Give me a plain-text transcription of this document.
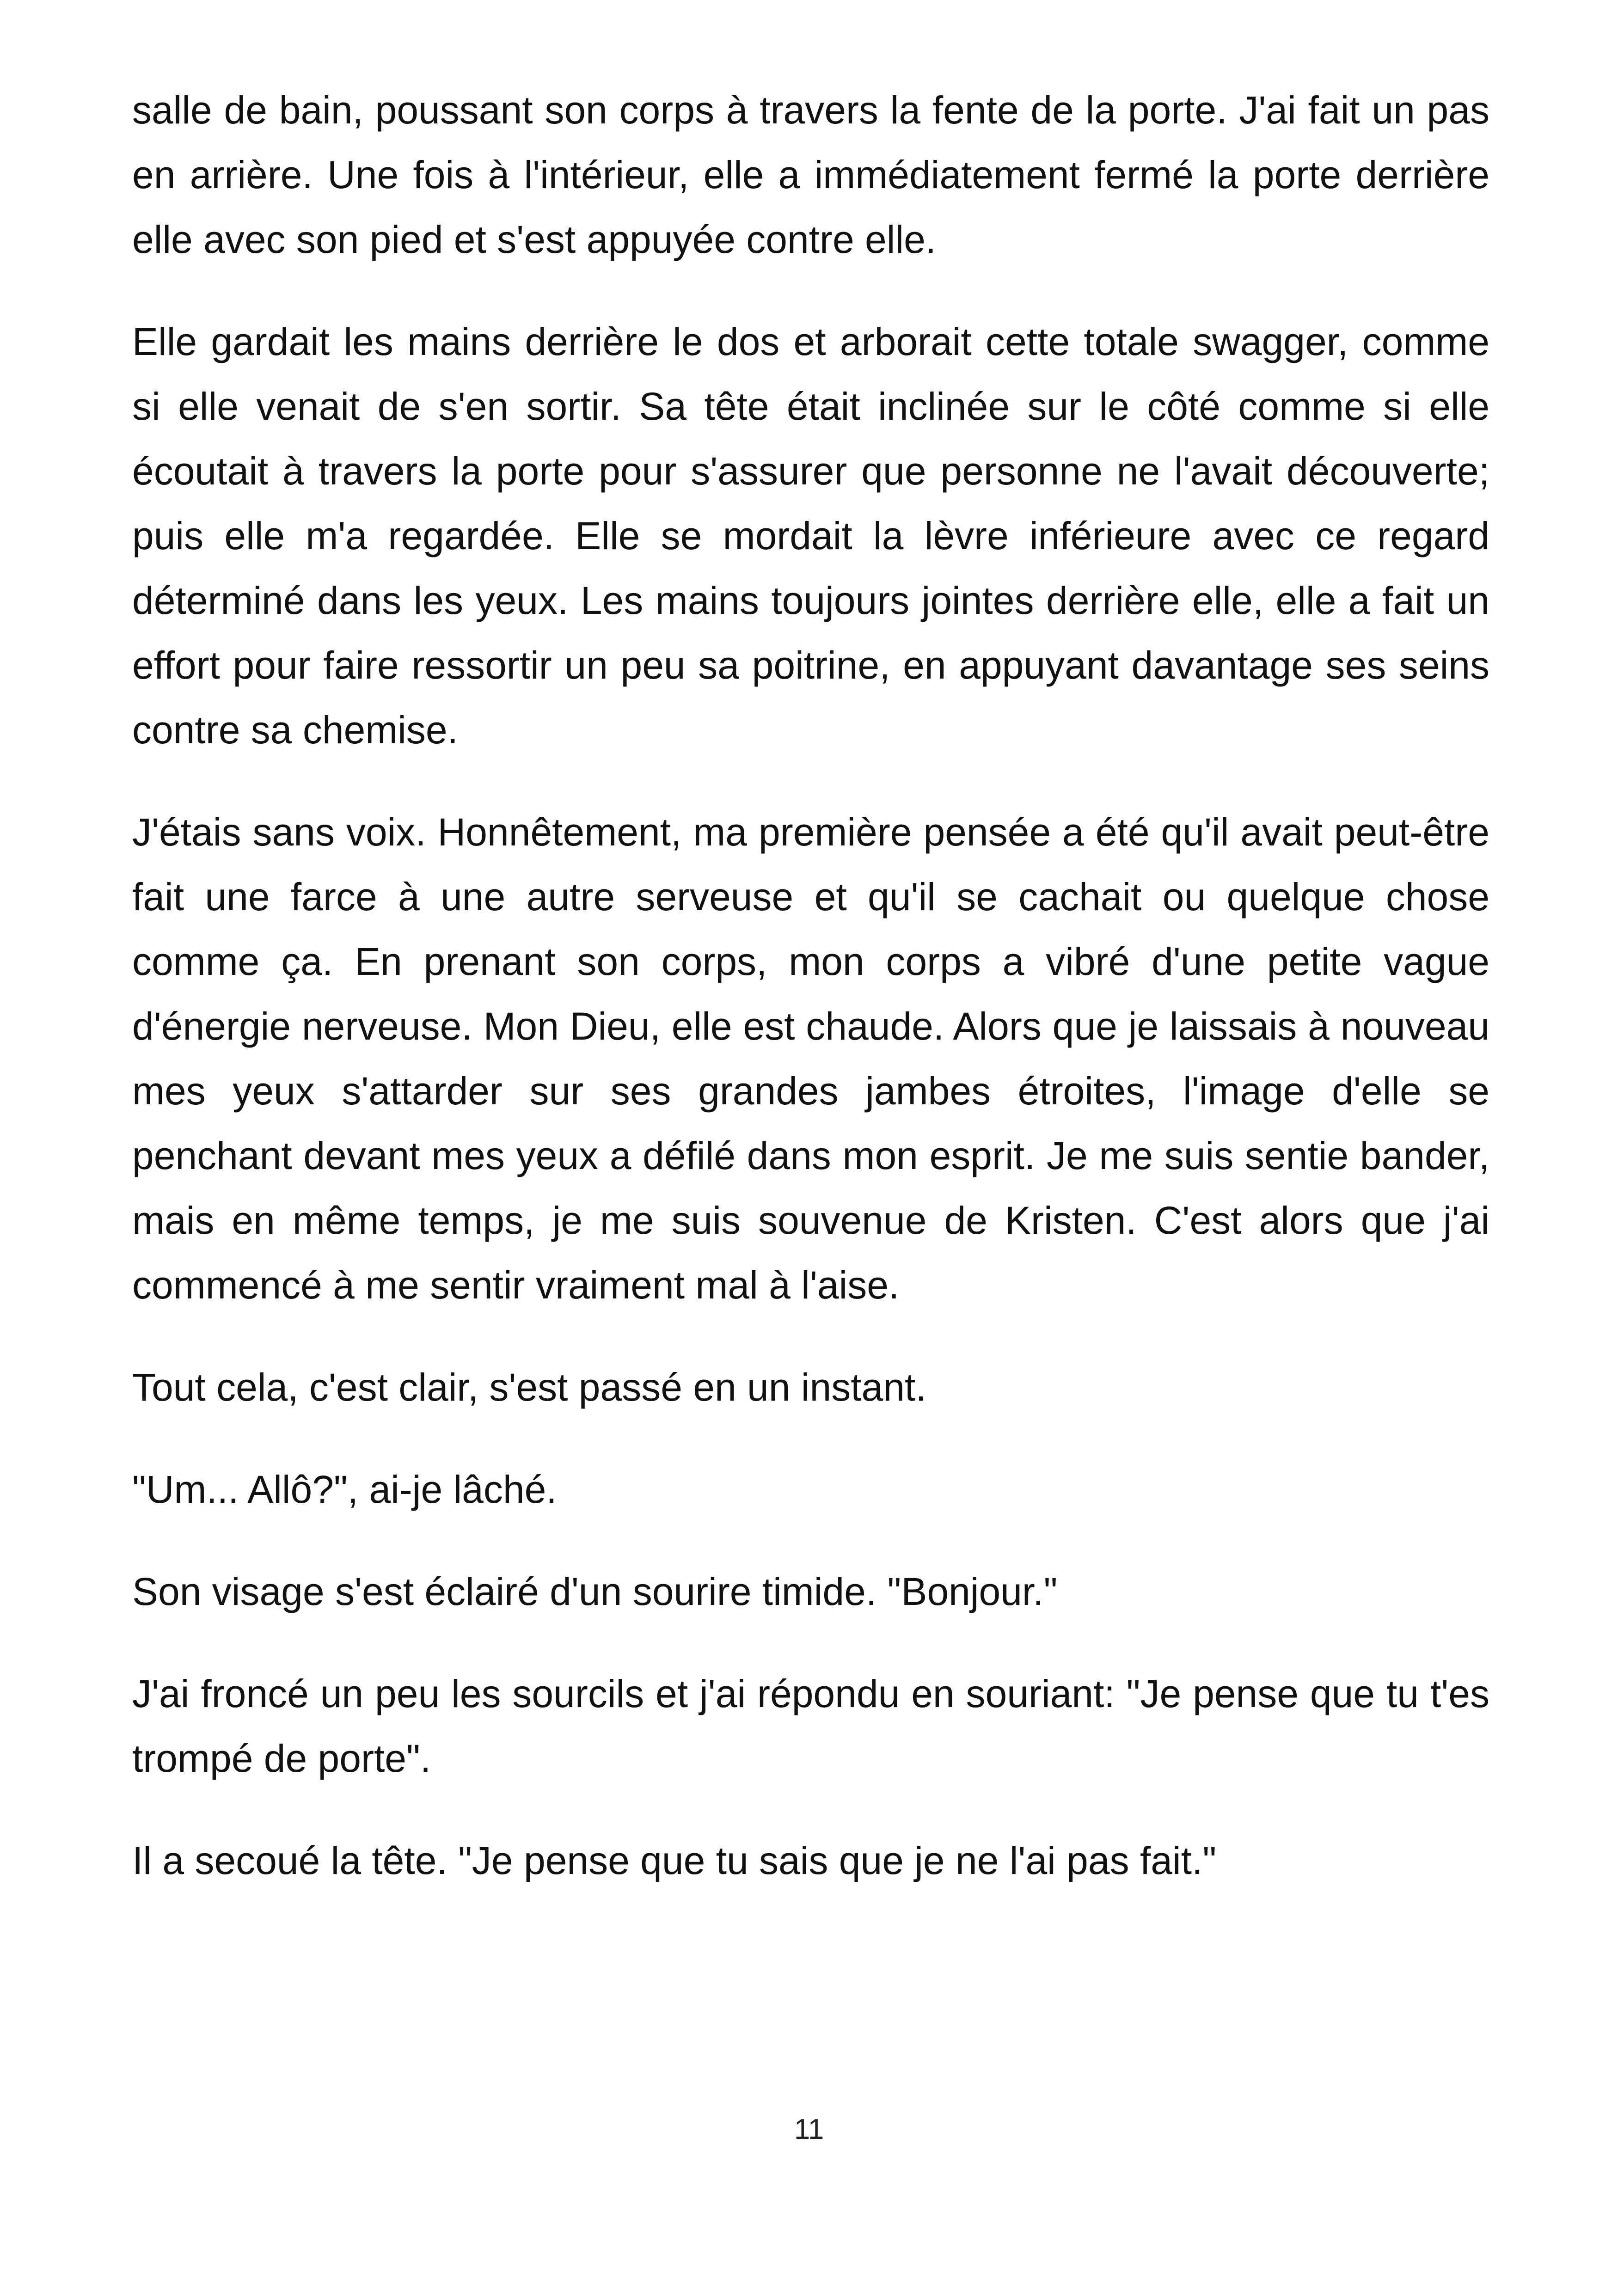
salle de bain, poussant son corps à travers la fente de la porte. J'ai fait un pas en arrière. Une fois à l'intérieur, elle a immédiatement fermé la porte derrière elle avec son pied et s'est appuyée contre elle.

Elle gardait les mains derrière le dos et arborait cette totale swagger, comme si elle venait de s'en sortir. Sa tête était inclinée sur le côté comme si elle écoutait à travers la porte pour s'assurer que personne ne l'avait découverte; puis elle m'a regardée. Elle se mordait la lèvre inférieure avec ce regard déterminé dans les yeux. Les mains toujours jointes derrière elle, elle a fait un effort pour faire ressortir un peu sa poitrine, en appuyant davantage ses seins contre sa chemise.

J'étais sans voix. Honnêtement, ma première pensée a été qu'il avait peut-être fait une farce à une autre serveuse et qu'il se cachait ou quelque chose comme ça. En prenant son corps, mon corps a vibré d'une petite vague d'énergie nerveuse. Mon Dieu, elle est chaude. Alors que je laissais à nouveau mes yeux s'attarder sur ses grandes jambes étroites, l'image d'elle se penchant devant mes yeux a défilé dans mon esprit. Je me suis sentie bander, mais en même temps, je me suis souvenue de Kristen. C'est alors que j'ai commencé à me sentir vraiment mal à l'aise.

Tout cela, c'est clair, s'est passé en un instant.

"Um... Allô?", ai-je lâché.

Son visage s'est éclairé d'un sourire timide. "Bonjour."

J'ai froncé un peu les sourcils et j'ai répondu en souriant: "Je pense que tu t'es trompé de porte".

Il a secoué la tête. "Je pense que tu sais que je ne l'ai pas fait."

11
